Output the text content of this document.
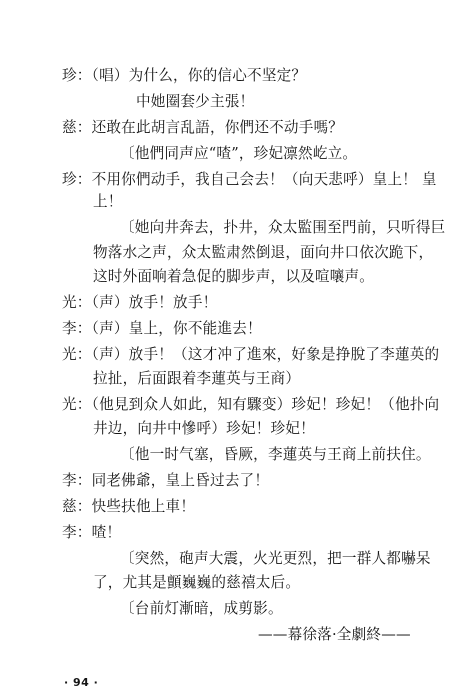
珍：（唱）为什么，你的信心不坚定？
中她圈套少主張！
慈：还敢在此胡言乱語，你們还不动手嗎？
〔他們同声应“喳”，珍妃凛然屹立。
珍：不用你們动手，我自己会去！（向天悲呼）皇上！ 皇
上！
〔她向井奔去，扑井，众太監围至門前，只听得巨
物落水之声，众太監肃然倒退，面向井口依次跪下，
这时外面响着急促的脚步声，以及喧嚷声。
光：（声）放手！放手！
李：（声）皇上，你不能進去！
光：（声）放手！（这才冲了進來，好象是挣脫了李蓮英的
拉扯，后面跟着李蓮英与王商）
光：（他見到众人如此，知有驟变）珍妃！珍妃！（他扑向
井边，向井中慘呼）珍妃！珍妃！
〔他一时气塞，昏厥，李蓮英与王商上前扶住。
李：同老佛爺，皇上昏过去了！
慈：快些扶他上車！
李：喳！
〔突然，砲声大震，火光更烈，把一群人都嚇呆
了，尤其是顫巍巍的慈禧太后。
〔台前灯漸暗，成剪影。
——幕徐落·全劇終——
· 94 ·
